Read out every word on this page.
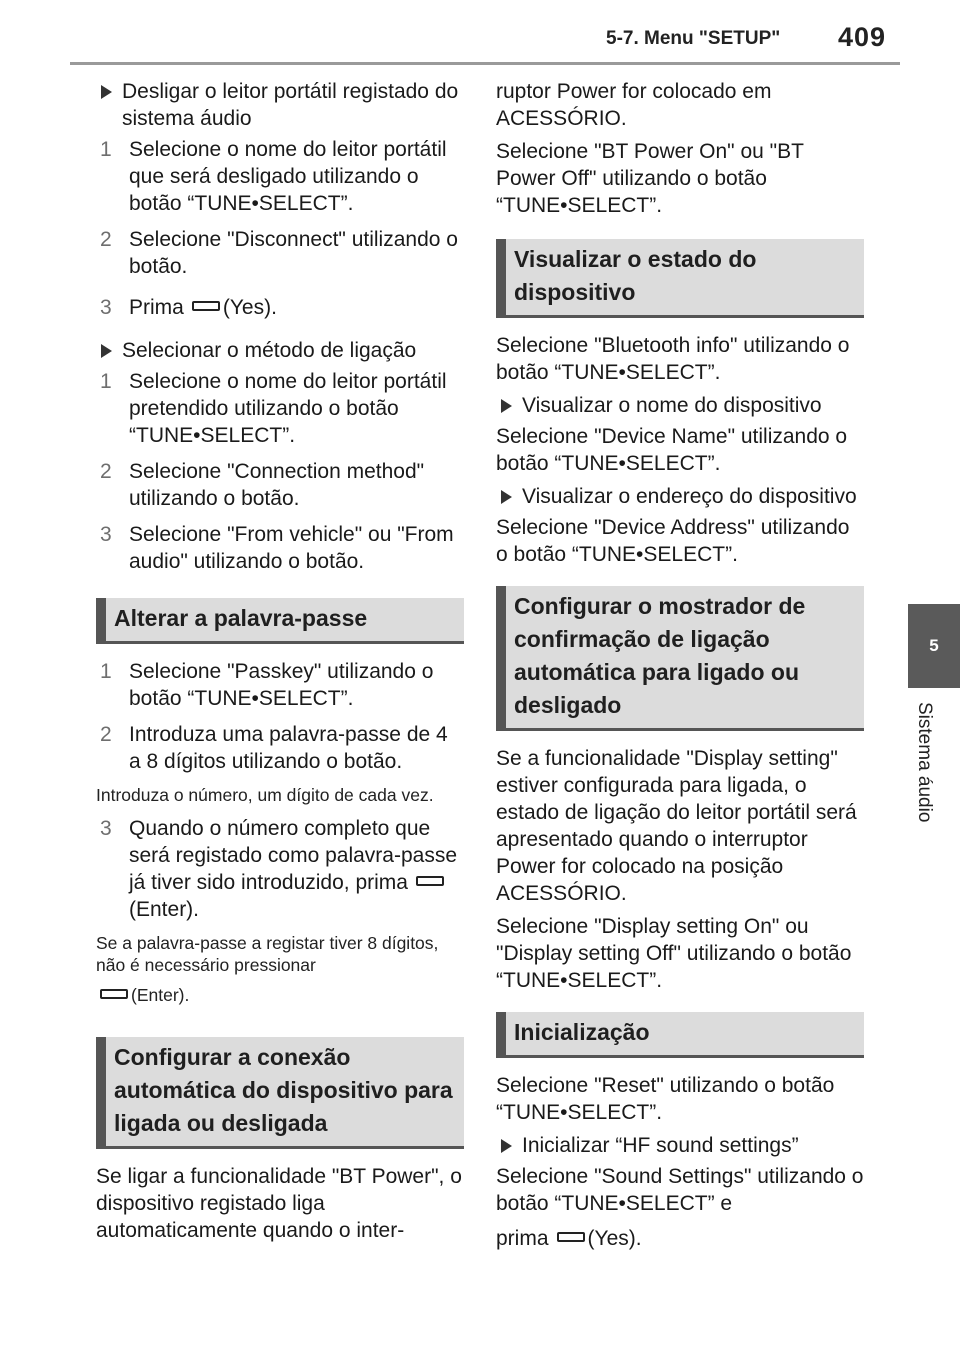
5-7. Menu "SETUP" 409
5
Sistema áudio
Desligar o leitor portátil registado do sistema áudio
1 Selecione o nome do leitor portátil que será desligado utilizando o botão “TUNE•SELECT”.
2 Selecione "Disconnect" utilizando o botão.
3 Prima (Yes).
Selecionar o método de ligação
1 Selecione o nome do leitor portátil pretendido utilizando o botão “TUNE•SELECT”.
2 Selecione "Connection method" utilizando o botão.
3 Selecione "From vehicle" ou "From audio" utilizando o botão.
Alterar a palavra-passe
1 Selecione "Passkey" utilizando o botão “TUNE•SELECT”.
2 Introduza uma palavra-passe de 4 a 8 dígitos utilizando o botão.
Introduza o número, um dígito de cada vez.
3 Quando o número completo que será registado como palavra-passe já tiver sido introduzido, prima(Enter).
Se a palavra-passe a registar tiver 8 dígitos, não é necessário pressionar
(Enter).
Configurar a conexão automática do dispositivo para ligada ou desligada
Se ligar a funcionalidade "BT Power", o dispositivo registado liga automaticamente quando o inter-
ruptor Power for colocado em ACESSÓRIO.
Selecione "BT Power On" ou "BT Power Off" utilizando o botão “TUNE•SELECT”.
Visualizar o estado do dispositivo
Selecione "Bluetooth info" utilizando o botão “TUNE•SELECT”.
Visualizar o nome do dispositivo
Selecione "Device Name" utilizando o botão “TUNE•SELECT”.
Visualizar o endereço do dispositivo
Selecione "Device Address" utilizando o botão “TUNE•SELECT”.
Configurar o mostrador de confirmação de ligação automática para ligado ou desligado
Se a funcionalidade "Display setting" estiver configurada para ligada, o estado de ligação do leitor portátil será apresentado quando o interruptor Power for colocado na posição ACESSÓRIO.
Selecione "Display setting On" ou "Display setting Off" utilizando o botão “TUNE•SELECT”.
Inicialização
Selecione "Reset" utilizando o botão “TUNE•SELECT”.
Inicializar “HF sound settings”
Selecione "Sound Settings" utilizando o botão “TUNE•SELECT” e
prima (Yes).
